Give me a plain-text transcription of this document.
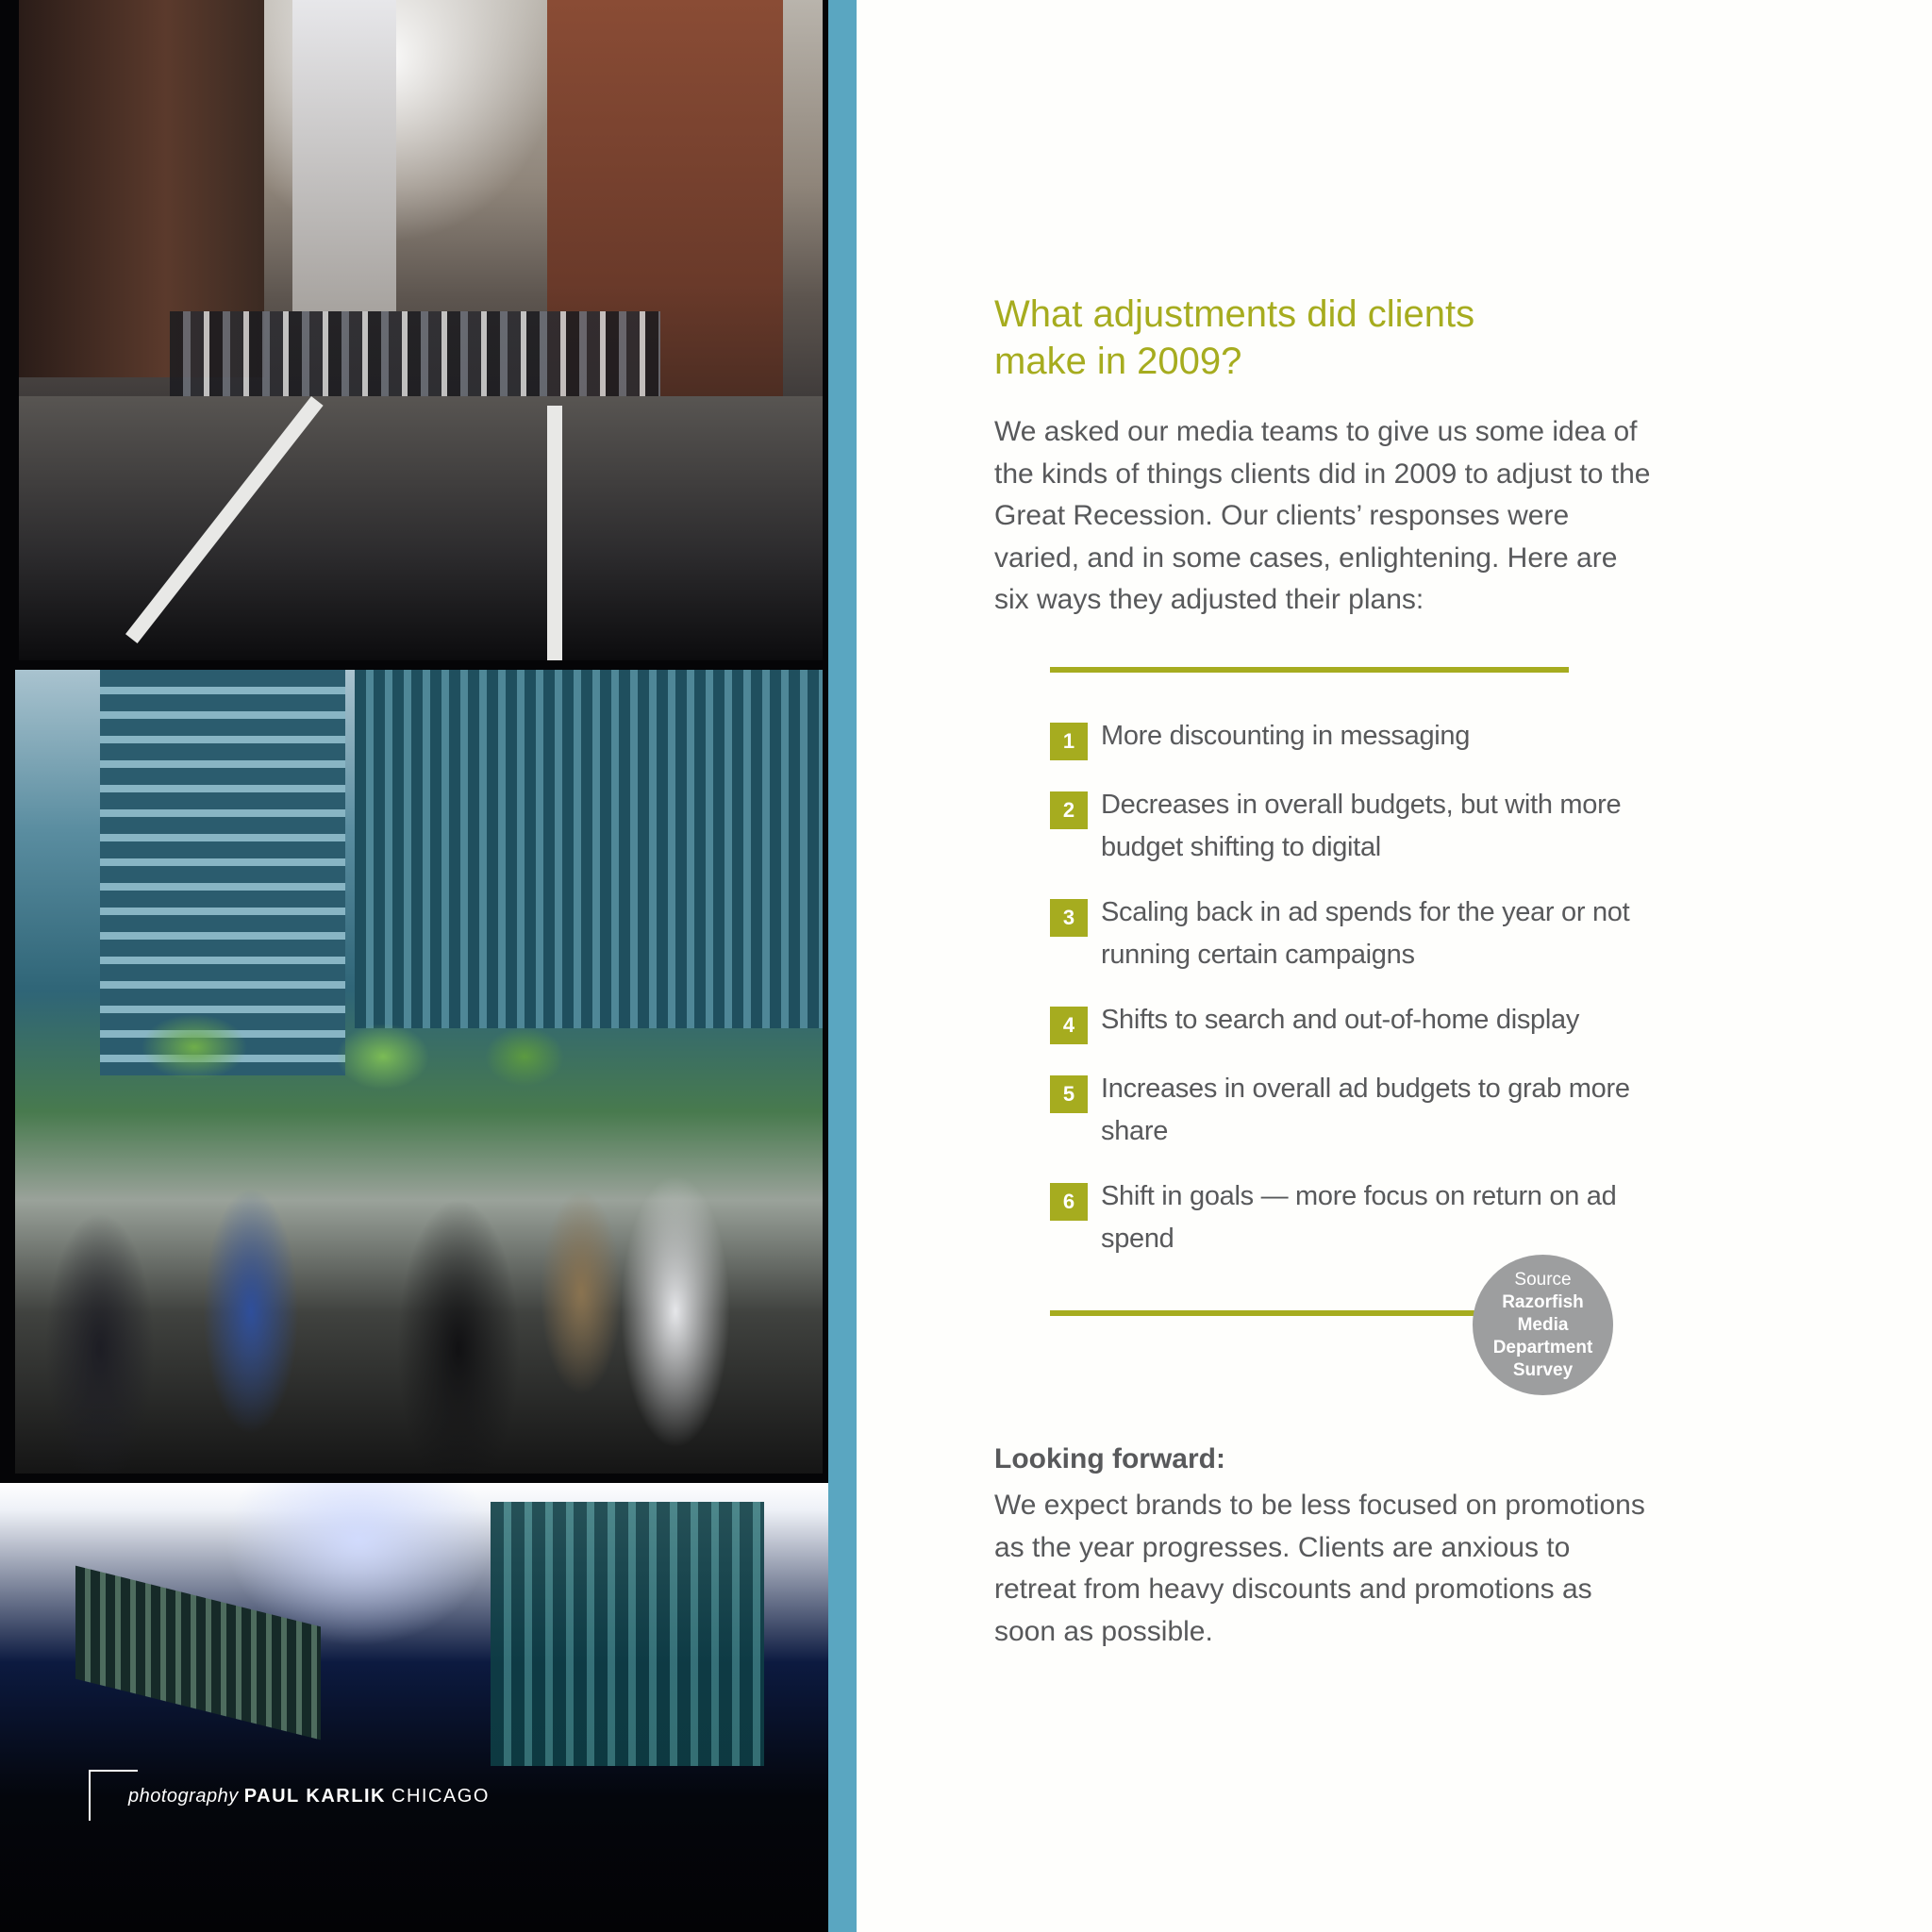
photography PAUL KARLIK CHICAGO
What adjustments did clients make in 2009?

We asked our media teams to give us some idea of the kinds of things clients did in 2009 to adjust to the Great Recession. Our clients’ responses were varied, and in some cases, enlightening. Here are six ways they adjusted their plans:

1 More discounting in messaging
2 Decreases in overall budgets, but with more budget shifting to digital
3 Scaling back in ad spends for the year or not running certain campaigns
4 Shifts to search and out-of-home display
5 Increases in overall ad budgets to grab more share
6 Shift in goals — more focus on return on ad spend
Source
Razorfish Media Department Survey
Looking forward:

We expect brands to be less focused on promotions as the year progresses. Clients are anxious to retreat from heavy discounts and promotions as soon as possible.
